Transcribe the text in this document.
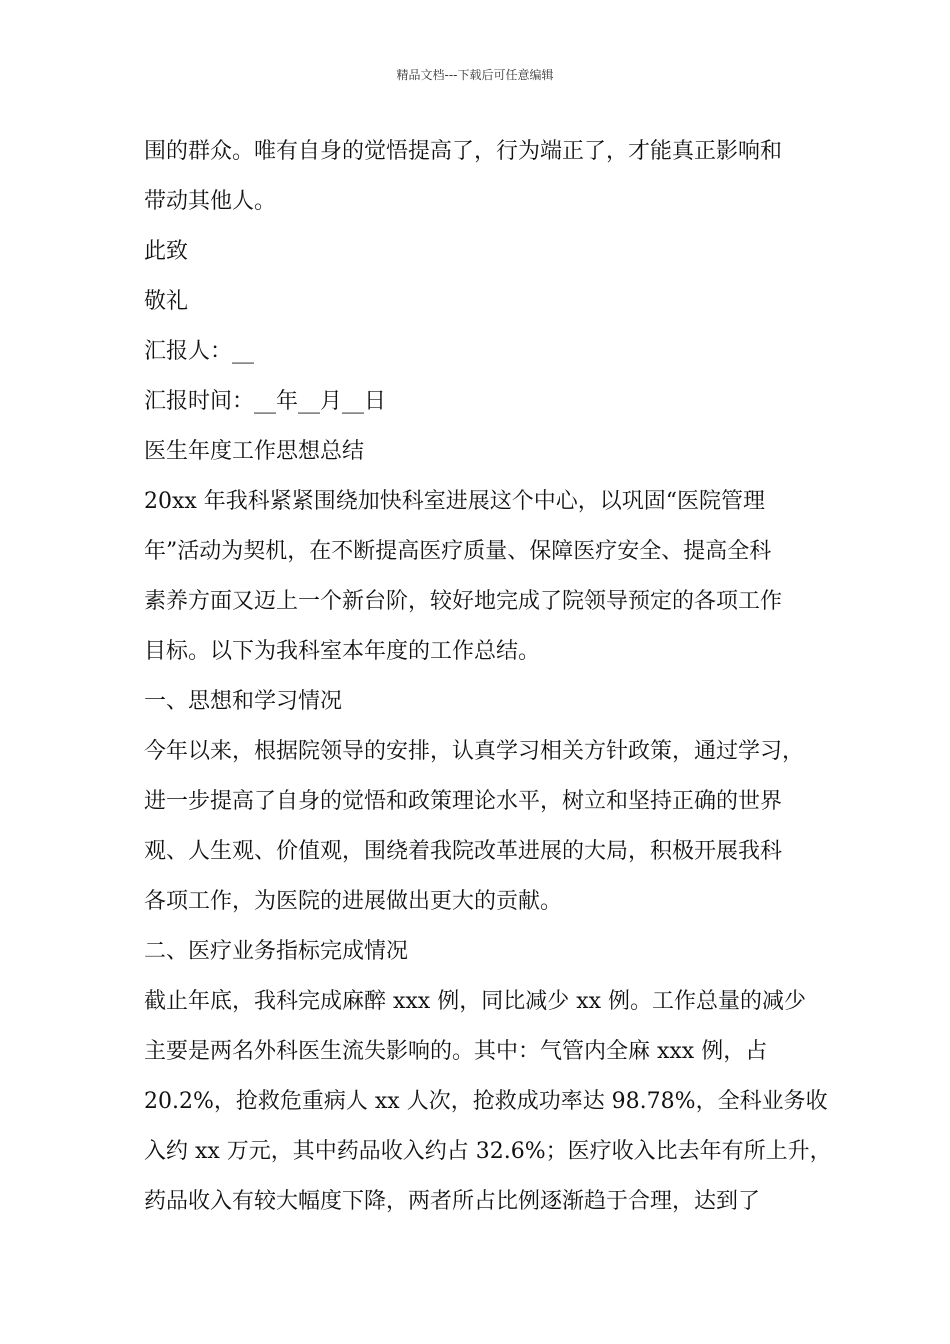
精品文档---下载后可任意编辑
围的群众。唯有自身的觉悟提高了，行为端正了，才能真正影响和
带动其他人。
此致
敬礼
汇报人：__
汇报时间：__年__月__日
医生年度工作思想总结
20xx 年我科紧紧围绕加快科室进展这个中心，以巩固“医院管理
年”活动为契机，在不断提高医疗质量、保障医疗安全、提高全科
素养方面又迈上一个新台阶，较好地完成了院领导预定的各项工作
目标。以下为我科室本年度的工作总结。
一、思想和学习情况
今年以来，根据院领导的安排，认真学习相关方针政策，通过学习，
进一步提高了自身的觉悟和政策理论水平，树立和坚持正确的世界
观、人生观、价值观，围绕着我院改革进展的大局，积极开展我科
各项工作，为医院的进展做出更大的贡献。
二、医疗业务指标完成情况
截止年底，我科完成麻醉 xxx 例，同比减少 xx 例。工作总量的减少
主要是两名外科医生流失影响的。其中：气管内全麻 xxx 例，占
20.2%，抢救危重病人 xx 人次，抢救成功率达 98.78%，全科业务收
入约 xx 万元，其中药品收入约占 32.6%；医疗收入比去年有所上升，
药品收入有较大幅度下降，两者所占比例逐渐趋于合理，达到了
